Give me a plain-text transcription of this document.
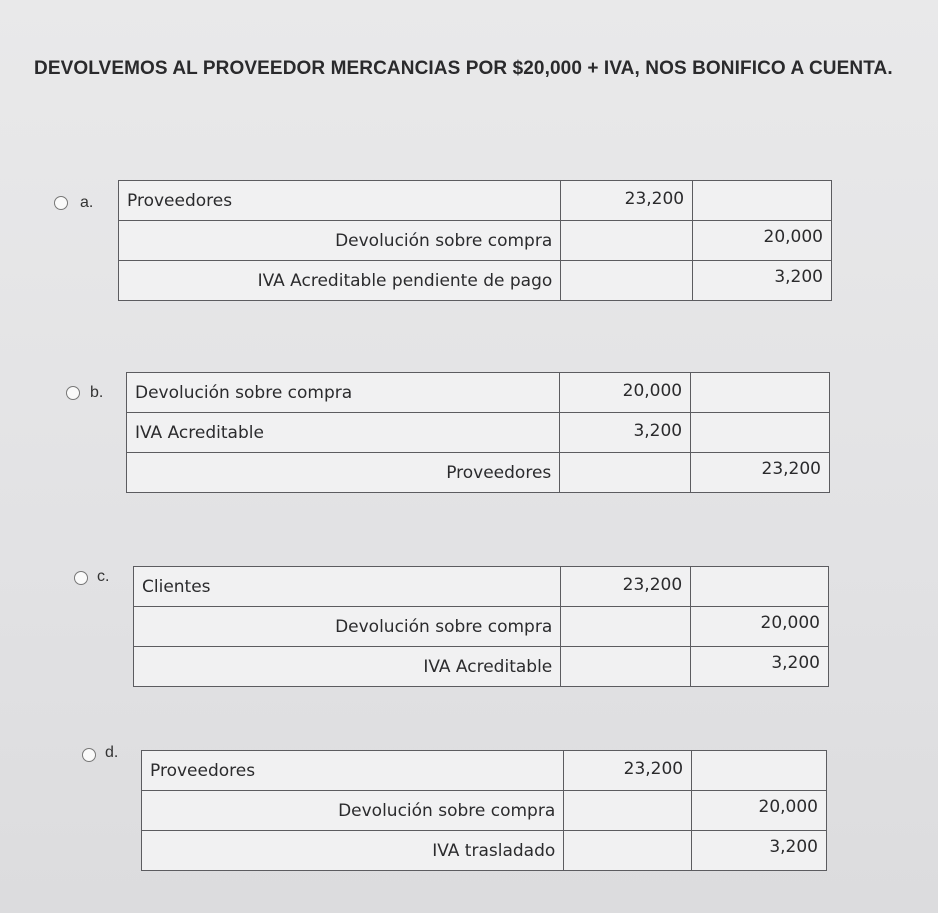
DEVOLVEMOS AL PROVEEDOR MERCANCIAS POR $20,000 + IVA, NOS BONIFICO A CUENTA.
a. Proveedores	23,200	
Devolución sobre compra		20,000
IVA Acreditable pendiente de pago		3,200
b. Devolución sobre compra	20,000	
IVA Acreditable	3,200	
Proveedores		23,200
c. Clientes	23,200	
Devolución sobre compra		20,000
IVA Acreditable		3,200
d.
Proveedores	23,200	
Devolución sobre compra		20,000
IVA trasladado		3,200
